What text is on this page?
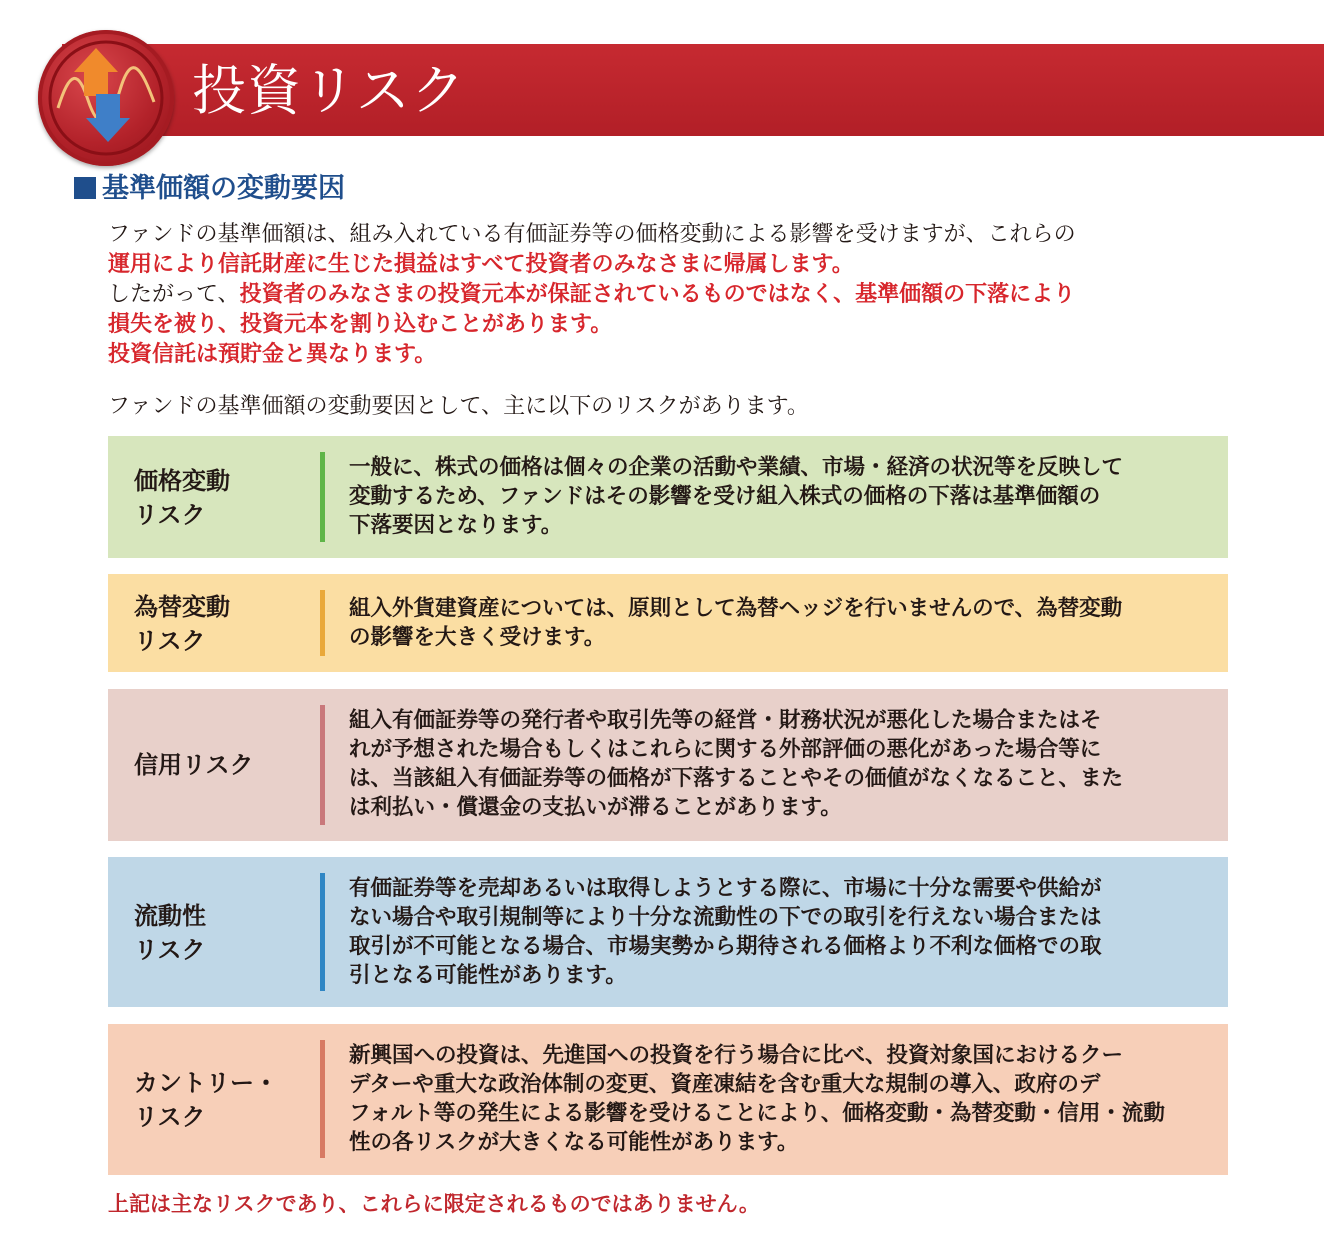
投資リスク
基準価額の変動要因
ファンドの基準価額は、組み入れている有価証券等の価格変動による影響を受けますが、これらの
運用により信託財産に生じた損益はすべて投資者のみなさまに帰属します。
したがって、投資者のみなさまの投資元本が保証されているものではなく、基準価額の下落により
損失を被り、投資元本を割り込むことがあります。
投資信託は預貯金と異なります。
ファンドの基準価額の変動要因として、主に以下のリスクがあります。
価格変動
リスク
一般に、株式の価格は個々の企業の活動や業績、市場・経済の状況等を反映して
変動するため、ファンドはその影響を受け組入株式の価格の下落は基準価額の
下落要因となります。
為替変動
リスク
組入外貨建資産については、原則として為替ヘッジを行いませんので、為替変動
の影響を大きく受けます。
信用リスク
組入有価証券等の発行者や取引先等の経営・財務状況が悪化した場合またはそ
れが予想された場合もしくはこれらに関する外部評価の悪化があった場合等に
は、当該組入有価証券等の価格が下落することやその価値がなくなること、また
は利払い・償還金の支払いが滞ることがあります。
流動性
リスク
有価証券等を売却あるいは取得しようとする際に、市場に十分な需要や供給が
ない場合や取引規制等により十分な流動性の下での取引を行えない場合または
取引が不可能となる場合、市場実勢から期待される価格より不利な価格での取
引となる可能性があります。
カントリー・
リスク
新興国への投資は、先進国への投資を行う場合に比べ、投資対象国におけるクー
デターや重大な政治体制の変更、資産凍結を含む重大な規制の導入、政府のデ
フォルト等の発生による影響を受けることにより、価格変動・為替変動・信用・流動
性の各リスクが大きくなる可能性があります。
上記は主なリスクであり、これらに限定されるものではありません。
